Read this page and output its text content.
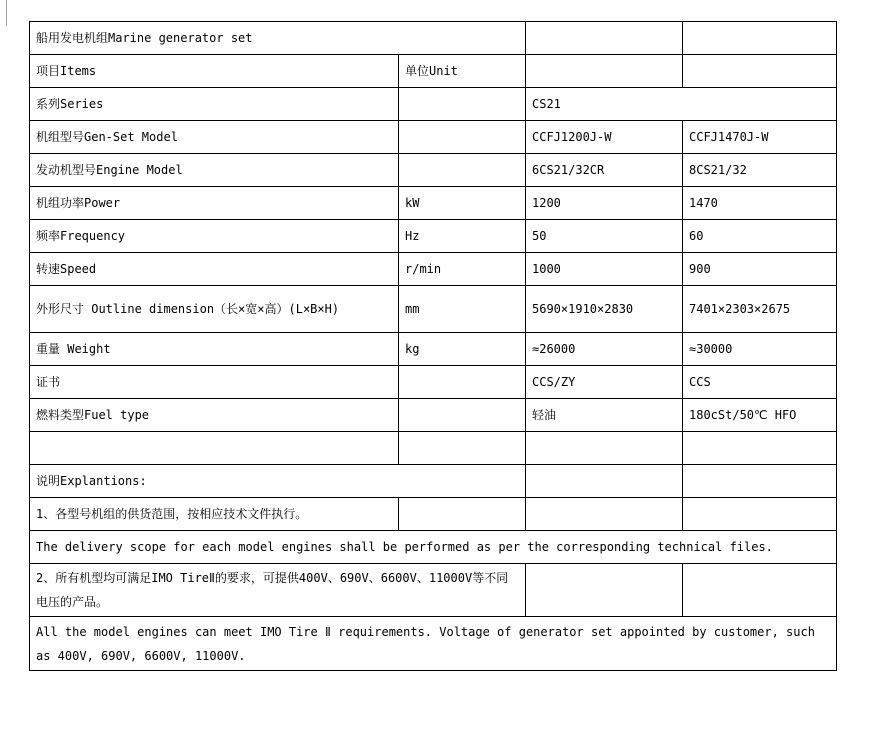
船用发电机组Marine generator set			
项目Items	单位Unit		
系列Series		CS21	
机组型号Gen-Set Model		CCFJ1200J-W	CCFJ1470J-W
发动机型号Engine Model		6CS21/32CR	8CS21/32
机组功率Power	kW	1200	1470
频率Frequency	Hz	50	60
转速Speed	r/min	1000	900
外形尺寸 Outline dimension（长×宽×高）(L×B×H)	mm	5690×1910×2830	7401×2303×2675
重量 Weight	kg	≈26000	≈30000
证书		CCS/ZY	CCS
燃料类型Fuel type		轻油	180cSt/50℃ HFO

说明Explantions:			
1、各型号机组的供货范围，按相应技术文件执行。			
The delivery scope for each model engines shall be performed as per the corresponding technical files.			
2、所有机型均可满足IMO TireⅡ的要求，可提供400V、690V、6600V、11000V等不同电压的产品。			
All the model engines can meet IMO Tire Ⅱ requirements. Voltage of generator set appointed by customer, such as 400V, 690V, 6600V, 11000V.			
